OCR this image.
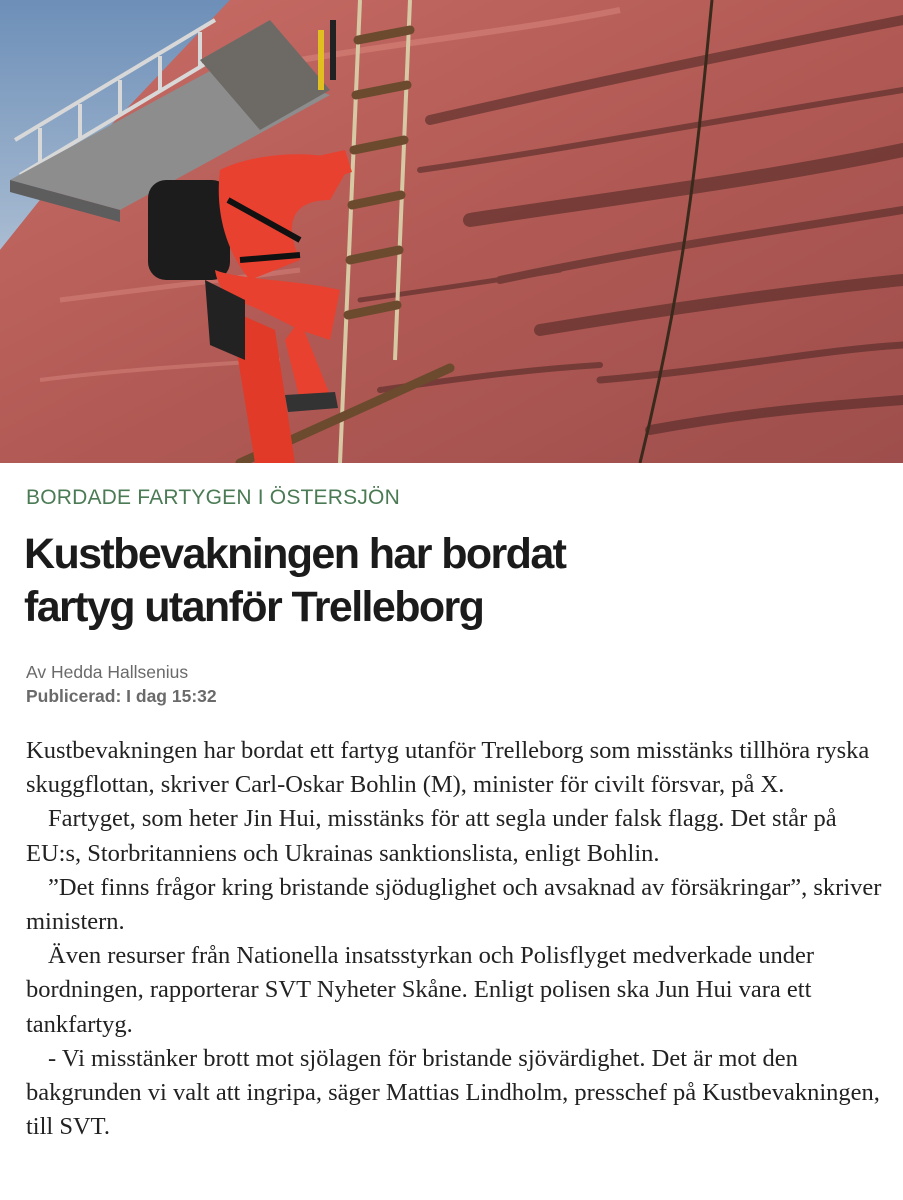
BORDADE FARTYGEN I ÖSTERSJÖN
Kustbevakningen har bordat
fartyg utanför Trelleborg
Av Hedda Hallsenius
Publicerad: I dag 15:32

Kustbevakningen har bordat ett fartyg utanför Trelleborg som misstänks tillhöra ryska skuggflottan, skriver Carl-Oskar Bohlin (M), minister för civilt försvar, på X.

Fartyget, som heter Jin Hui, misstänks för att segla under falsk flagg. Det står på EU:s, Storbritanniens och Ukrainas sanktionslista, enligt Bohlin.

”Det finns frågor kring bristande sjöduglighet och avsaknad av försäkringar”, skriver ministern.

Även resurser från Nationella insatsstyrkan och Polisflyget medverkade under bordningen, rapporterar SVT Nyheter Skåne. Enligt polisen ska Jun Hui vara ett tankfartyg.

- Vi misstänker brott mot sjölagen för bristande sjövärdighet. Det är mot den bakgrunden vi valt att ingripa, säger Mattias Lindholm, presschef på Kustbevakningen, till SVT.
